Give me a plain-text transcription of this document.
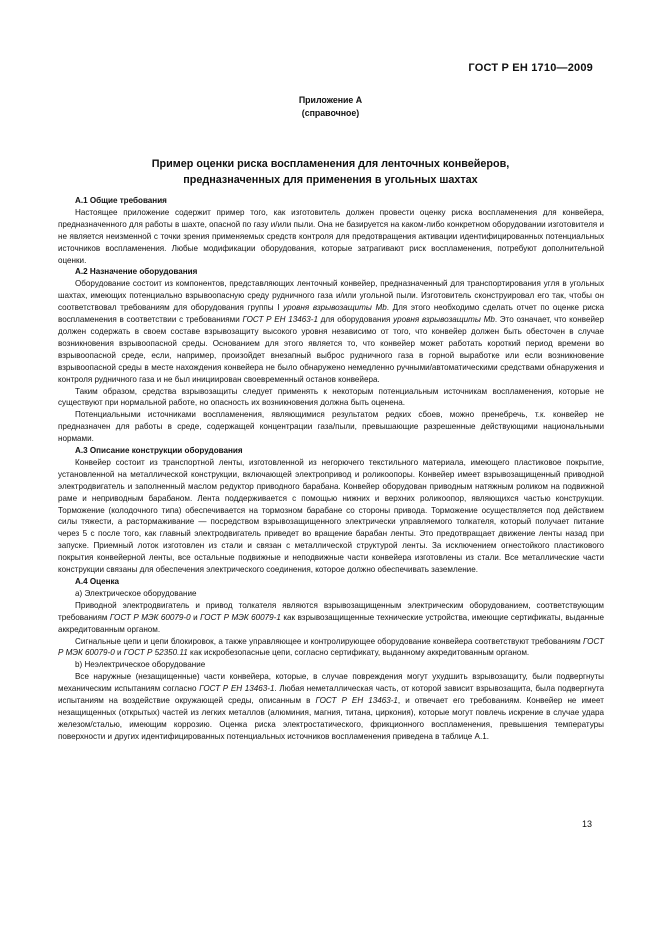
ГОСТ Р ЕН 1710—2009
Приложение А
(справочное)
Пример оценки риска воспламенения для ленточных конвейеров,
предназначенных для применения в угольных шахтах

А.1 Общие требования

Настоящее приложение содержит пример того, как изготовитель должен провести оценку риска воспламенения для конвейера, предназначенного для работы в шахте, опасной по газу и/или пыли. Она не базируется на каком-либо конкретном оборудовании изготовителя и не является неизменной с точки зрения применяемых средств контроля для предотвращения активации идентифицированных потенциальных источников воспламенения. Любые модификации оборудования, которые затрагивают риск воспламенения, потребуют дополнительной оценки.

А.2 Назначение оборудования

Оборудование состоит из компонентов, представляющих ленточный конвейер, предназначенный для транспортирования угля в угольных шахтах, имеющих потенциально взрывоопасную среду рудничного газа и/или угольной пыли. Изготовитель сконструировал его так, чтобы он соответствовал требованиям для оборудования группы I уровня взрывозащиты Mb. Для этого необходимо сделать отчет по оценке риска воспламенения в соответствии с требованиями ГОСТ Р ЕН 13463-1 для оборудования уровня взрывозащиты Mb. Это означает, что конвейер должен содержать в своем составе взрывозащиту высокого уровня независимо от того, что конвейер должен быть обесточен в случае возникновения взрывоопасной среды. Основанием для этого является то, что конвейер может работать короткий период времени во взрывоопасной среде, если, например, произойдет внезапный выброс рудничного газа в горной выработке или если возникновение взрывоопасной среды в месте нахождения конвейера не было обнаружено немедленно ручными/автоматическими средствами обнаружения и контроля рудничного газа и не был инициирован своевременный останов конвейера.

Таким образом, средства взрывозащиты следует применять к некоторым потенциальным источникам воспламенения, которые не существуют при нормальной работе, но опасность их возникновения должна быть оценена.

Потенциальными источниками воспламенения, являющимися результатом редких сбоев, можно пренебречь, т.к. конвейер не предназначен для работы в среде, содержащей концентрации газа/пыли, превышающие разрешенные действующими национальными нормами.

А.3 Описание конструкции оборудования

Конвейер состоит из транспортной ленты, изготовленной из негорючего текстильного материала, имеющего пластиковое покрытие, установленной на металлической конструкции, включающей электропривод и роликоопоры. Конвейер имеет взрывозащищенный приводной электродвигатель и заполненный маслом редуктор приводного барабана. Конвейер оборудован приводным натяжным роликом на подвижной раме и неприводным барабаном. Лента поддерживается с помощью нижних и верхних роликоопор, являющихся частью конструкции. Торможение (колодочного типа) обеспечивается на тормозном барабане со стороны привода. Торможение осуществляется под действием силы тяжести, а растормаживание — посредством взрывозащищенного электрически управляемого толкателя, который получает питание через 5 с после того, как главный электродвигатель приведет во вращение барабан ленты. Это предотвращает движение ленты назад при запуске. Приемный лоток изготовлен из стали и связан с металлической структурой ленты. За исключением огнестойкого пластикового покрытия конвейерной ленты, все остальные подвижные и неподвижные части конвейера изготовлены из стали. Все металлические части конструкции связаны для обеспечения электрического соединения, которое должно обеспечивать заземление.

А.4 Оценка

а) Электрическое оборудование

Приводной электродвигатель и привод толкателя являются взрывозащищенным электрическим оборудованием, соответствующим требованиям ГОСТ Р МЭК 60079-0 и ГОСТ Р МЭК 60079-1 как взрывозащищенные технические устройства, имеющие сертификаты, выданные аккредитованным органом.

Сигнальные цепи и цепи блокировок, а также управляющее и контролирующее оборудование конвейера соответствуют требованиям ГОСТ Р МЭК 60079-0 и ГОСТ Р 52350.11 как искробезопасные цепи, согласно сертификату, выданному аккредитованным органом.

b) Неэлектрическое оборудование

Все наружные (незащищенные) части конвейера, которые, в случае повреждения могут ухудшить взрывозащиту, были подвергнуты механическим испытаниям согласно ГОСТ Р ЕН 13463-1. Любая неметаллическая часть, от которой зависит взрывозащита, была подвергнута испытаниям на воздействие окружающей среды, описанным в ГОСТ Р ЕН 13463-1, и отвечает его требованиям. Конвейер не имеет незащищенных (открытых) частей из легких металлов (алюминия, магния, титана, циркония), которые могут повлечь искрение в случае удара железом/сталью, имеющим коррозию. Оценка риска электростатического, фрикционного воспламенения, превышения температуры поверхности и других идентифицированных потенциальных источников воспламенения приведена в таблице А.1.

13
